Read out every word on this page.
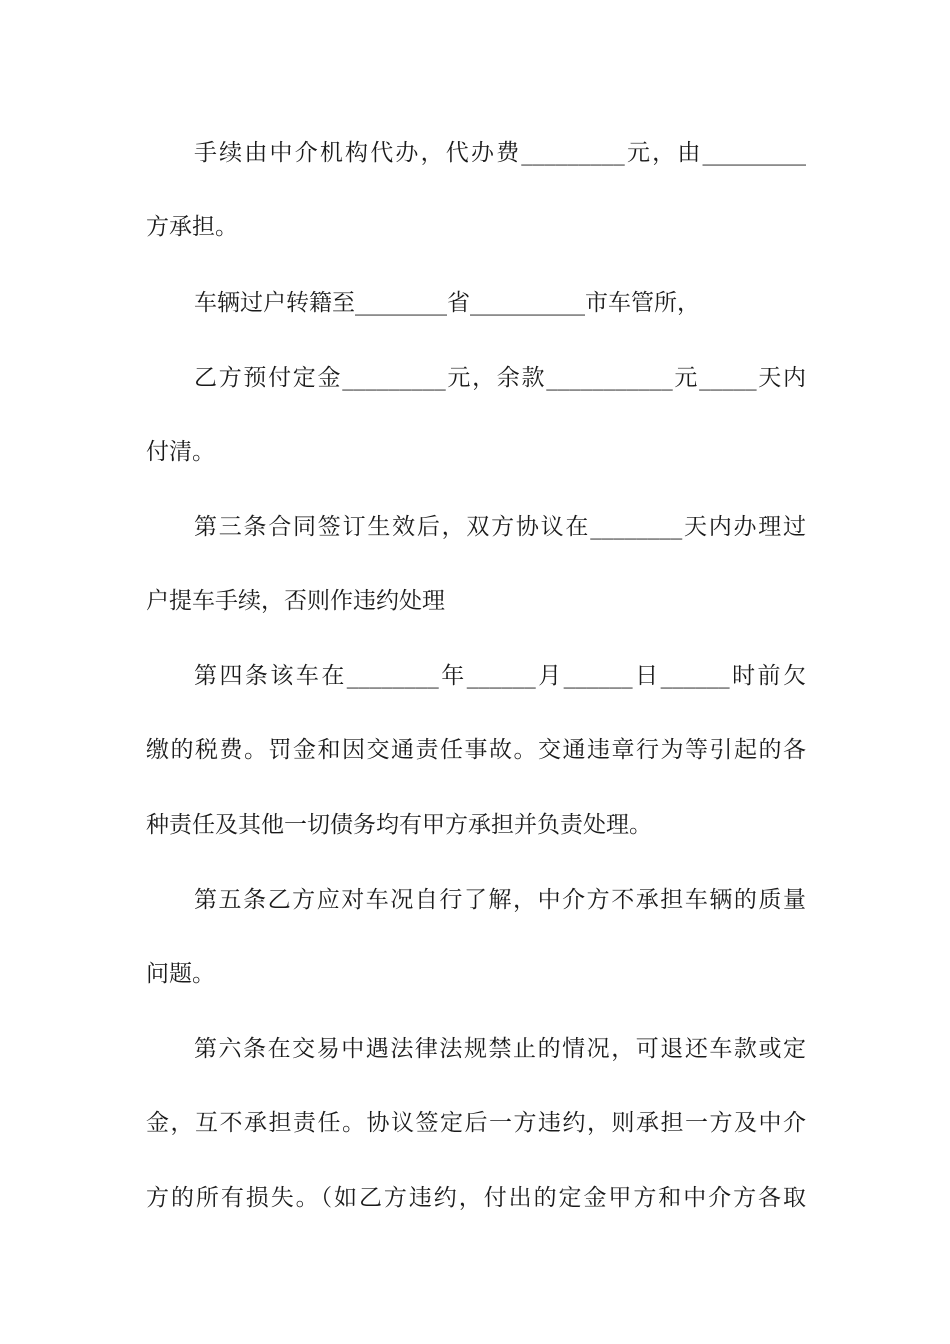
手续由中介机构代办，代办费_________元，由_________
方承担。
车辆过户转籍至________省__________市车管所，
乙方预付定金_________元，余款___________元_____天内
付清。
第三条合同签订生效后，双方协议在________天内办理过
户提车手续，否则作违约处理
第四条该车在________年______月______日______时前欠
缴的税费。罚金和因交通责任事故。交通违章行为等引起的各
种责任及其他一切债务均有甲方承担并负责处理。
第五条乙方应对车况自行了解，中介方不承担车辆的质量
问题。
第六条在交易中遇法律法规禁止的情况，可退还车款或定
金，互不承担责任。协议签定后一方违约，则承担一方及中介
方的所有损失。（如乙方违约，付出的定金甲方和中介方各取
